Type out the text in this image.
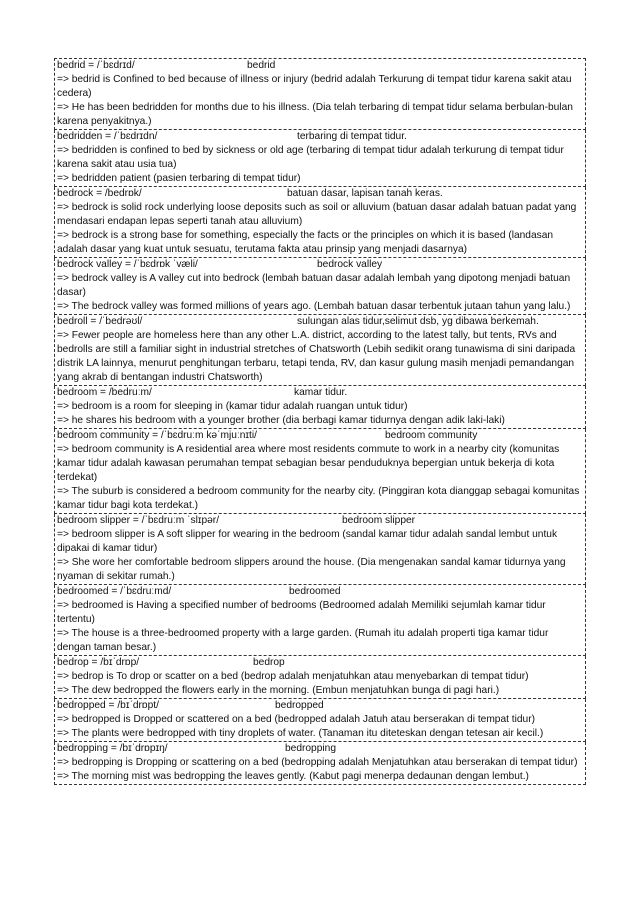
bedrid = /ˈbɛdrɪd/	bedrid
=> bedrid is Confined to bed because of illness or injury (bedrid adalah Terkurung di tempat tidur karena sakit atau cedera)
=> He has been bedridden for months due to his illness. (Dia telah terbaring di tempat tidur selama berbulan-bulan karena penyakitnya.)
bedridden = /ˈbɛdrɪdn/	terbaring di tempat tidur.
=> bedridden is confined to bed by sickness or old age (terbaring di tempat tidur adalah terkurung di tempat tidur karena sakit atau usia tua)
=> bedridden patient (pasien terbaring di tempat tidur)
bedrock = /bedrɒk/	batuan dasar, lapisan tanah keras.
=> bedrock is solid rock underlying loose deposits such as soil or alluvium (batuan dasar adalah batuan padat yang mendasari endapan lepas seperti tanah atau alluvium)
=> bedrock is a strong base for something, especially the facts or the principles on which it is based (landasan adalah dasar yang kuat untuk sesuatu, terutama fakta atau prinsip yang menjadi dasarnya)
bedrock valley = /ˈbɛdrɒk ˈvæli/	bedrock valley
=> bedrock valley is A valley cut into bedrock (lembah batuan dasar adalah lembah yang dipotong menjadi batuan dasar)
=> The bedrock valley was formed millions of years ago. (Lembah batuan dasar terbentuk jutaan tahun yang lalu.)
bedroll = /ˈbedrəʊl/	sulungan alas tidur,selimut dsb, yg dibawa berkemah.
=> Fewer people are homeless here than any other L.A. district, according to the latest tally, but tents, RVs and bedrolls are still a familiar sight in industrial stretches of Chatsworth (Lebih sedikit orang tunawisma di sini daripada distrik LA lainnya, menurut penghitungan terbaru, tetapi tenda, RV, dan kasur gulung masih menjadi pemandangan yang akrab di bentangan industri Chatsworth)
bedroom = /bedruːm/	kamar tidur.
=> bedroom is a room for sleeping in (kamar tidur adalah ruangan untuk tidur)
=> he shares his bedroom with a younger brother (dia berbagi kamar tidurnya dengan adik laki-laki)
bedroom community = /ˈbɛdruːm kəˈmjuːnɪti/	bedroom community
=> bedroom community is A residential area where most residents commute to work in a nearby city (komunitas kamar tidur adalah kawasan perumahan tempat sebagian besar penduduknya bepergian untuk bekerja di kota terdekat)
=> The suburb is considered a bedroom community for the nearby city. (Pinggiran kota dianggap sebagai komunitas kamar tidur bagi kota terdekat.)
bedroom slipper = /ˈbɛdruːm ˈslɪpər/	bedroom slipper
=> bedroom slipper is A soft slipper for wearing in the bedroom (sandal kamar tidur adalah sandal lembut untuk dipakai di kamar tidur)
=> She wore her comfortable bedroom slippers around the house. (Dia mengenakan sandal kamar tidurnya yang nyaman di sekitar rumah.)
bedroomed = /ˈbɛdruːmd/	bedroomed
=> bedroomed is Having a specified number of bedrooms (Bedroomed adalah Memiliki sejumlah kamar tidur tertentu)
=> The house is a three-bedroomed property with a large garden. (Rumah itu adalah properti tiga kamar tidur dengan taman besar.)
bedrop = /bɪˈdrɒp/	bedrop
=> bedrop is To drop or scatter on a bed (bedrop adalah menjatuhkan atau menyebarkan di tempat tidur)
=> The dew bedropped the flowers early in the morning. (Embun menjatuhkan bunga di pagi hari.)
bedropped = /bɪˈdrɒpt/	bedropped
=> bedropped is Dropped or scattered on a bed (bedropped adalah Jatuh atau berserakan di tempat tidur)
=> The plants were bedropped with tiny droplets of water. (Tanaman itu diteteskan dengan tetesan air kecil.)
bedropping = /bɪˈdrɒpɪŋ/	bedropping
=> bedropping is Dropping or scattering on a bed (bedropping adalah Menjatuhkan atau berserakan di tempat tidur)
=> The morning mist was bedropping the leaves gently. (Kabut pagi menerpa dedaunan dengan lembut.)
